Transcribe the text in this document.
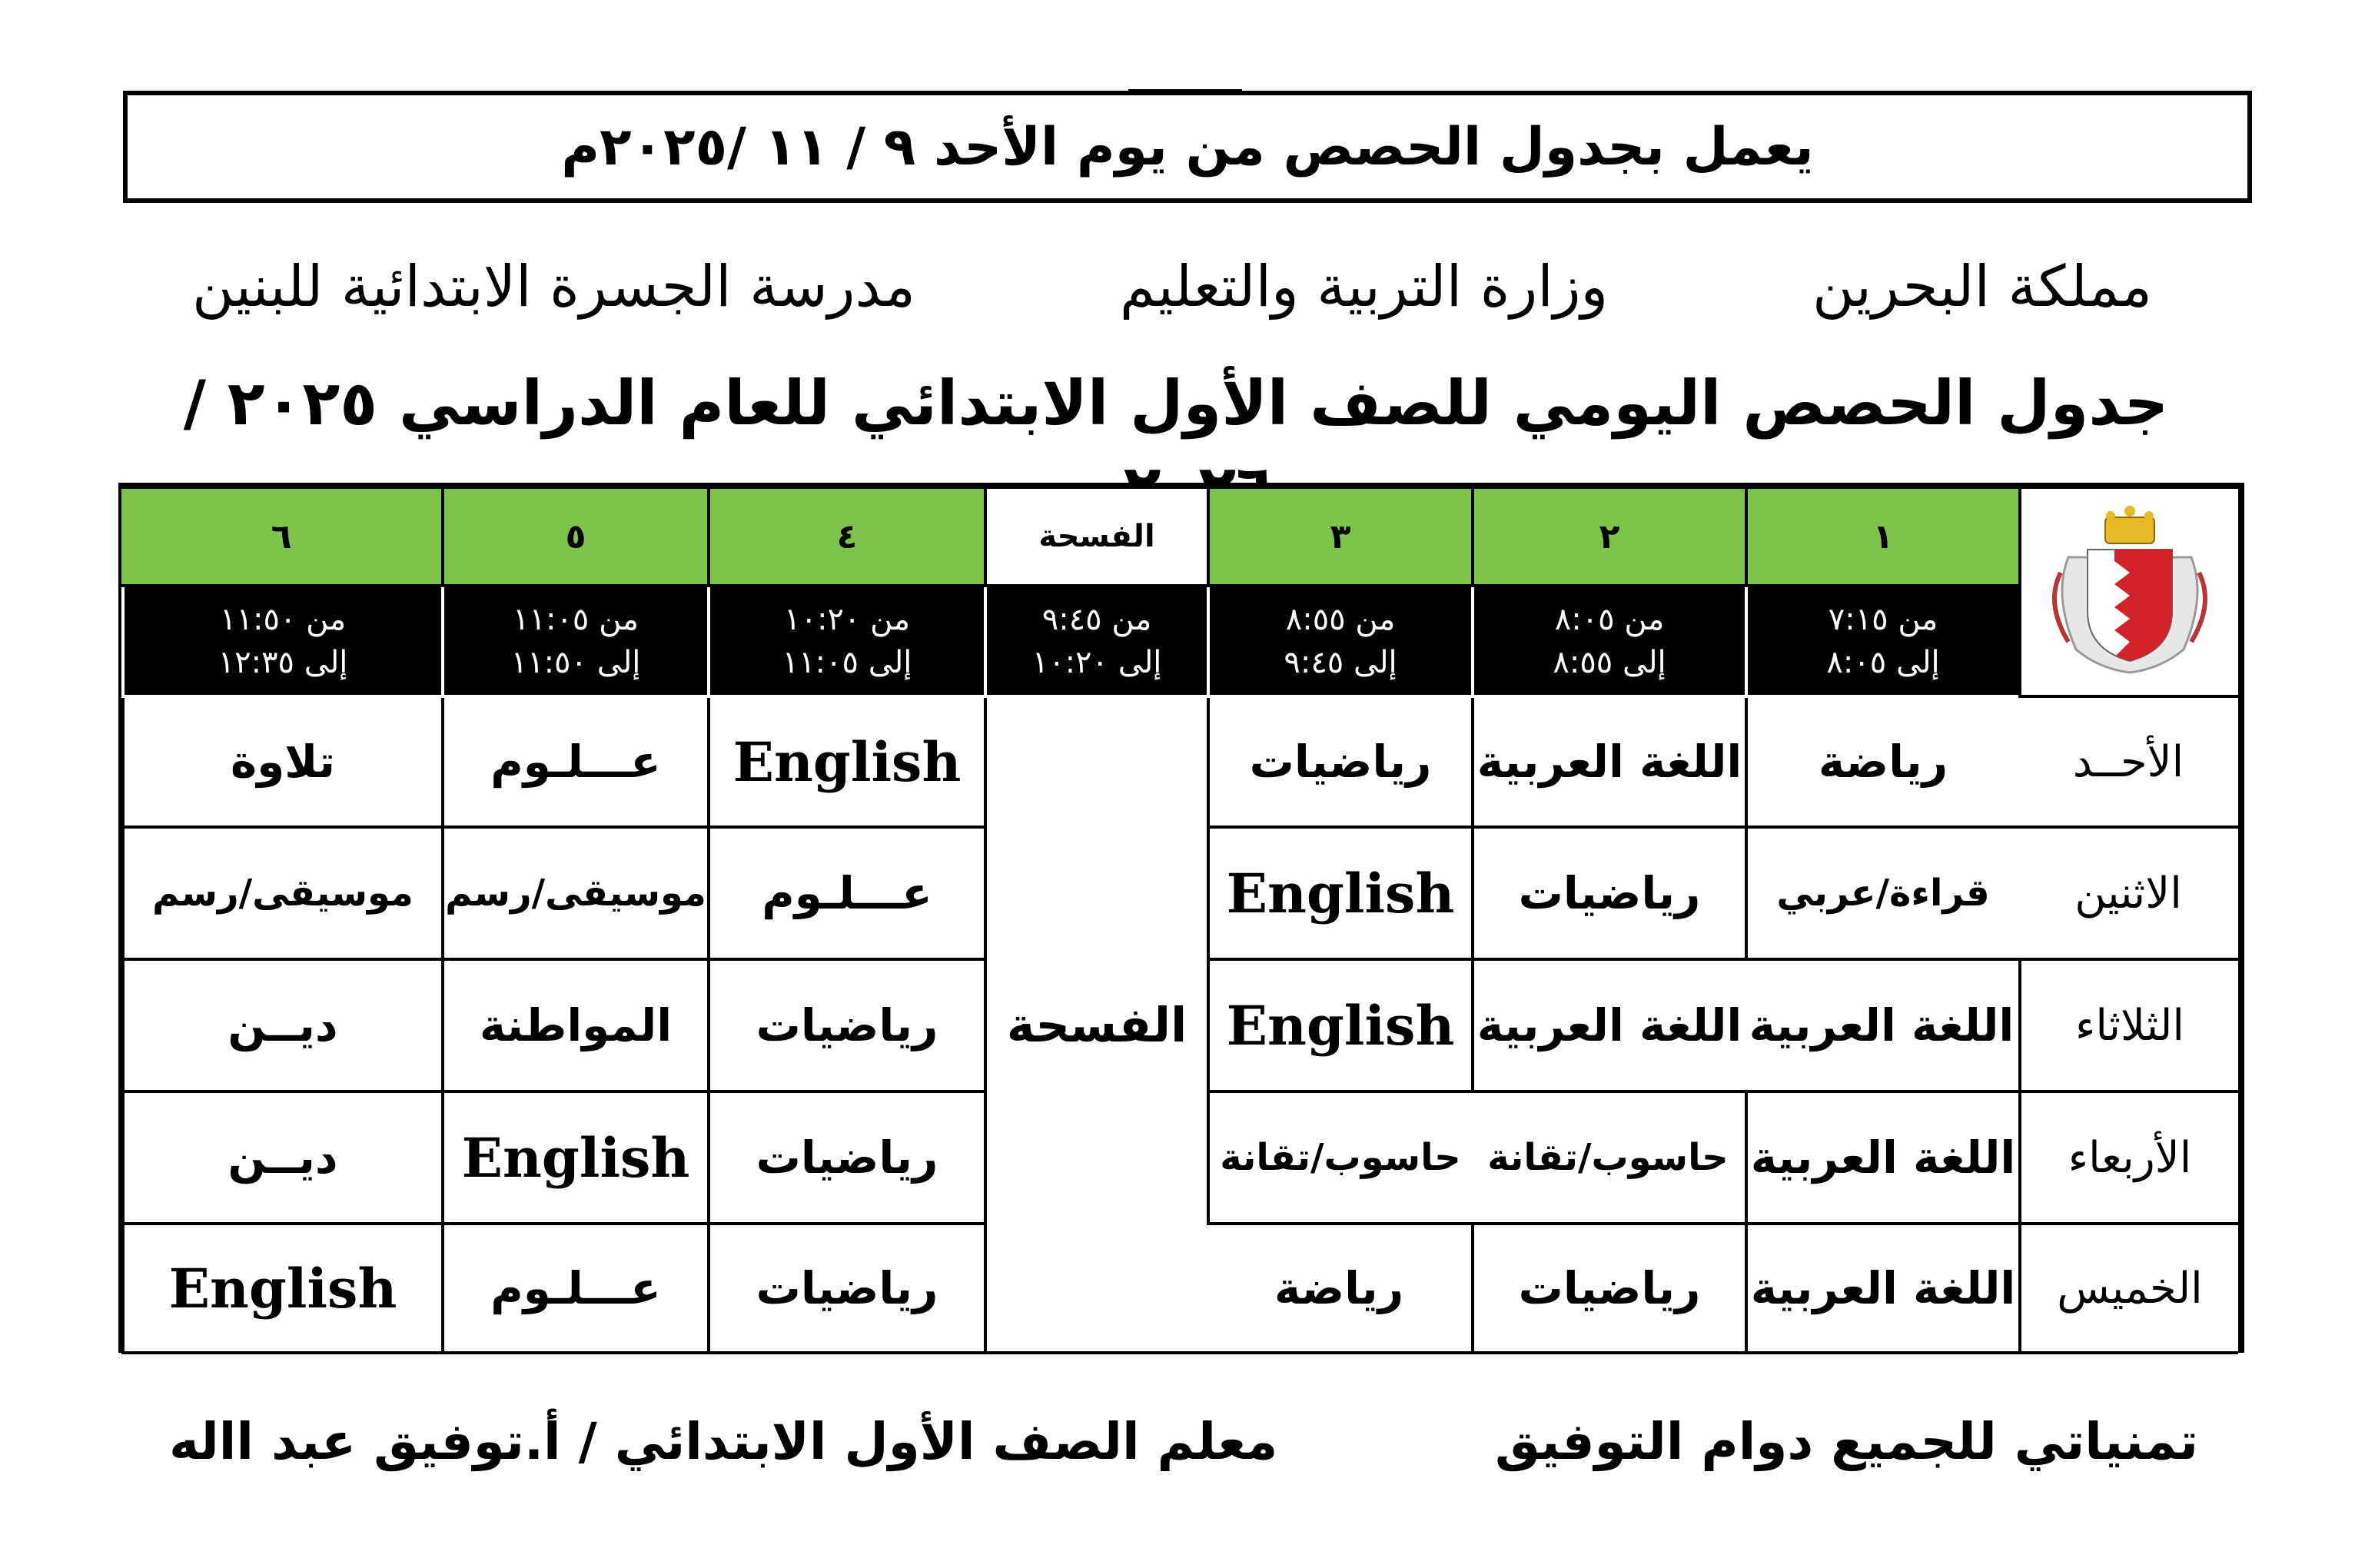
يعمل بجدول الحصص من يوم الأحد ٩ / ١١ /٢٠٢٥م
مملكة البحرين
وزارة التربية والتعليم
مدرسة الجسرة الابتدائية للبنين
جدول الحصص اليومي للصف الأول الابتدائي للعام الدراسي ٢٠٢٥ /
١
٢
٣
الفسحة
٤
٥
٦
من ٧:١٥
إلى ٨:٠٥
من ٨:٠٥
إلى ٨:٥٥
من ٨:٥٥
إلى ٩:٤٥
من ٩:٤٥
إلى ١٠:٢٠
من ١٠:٢٠
إلى ١١:٠٥
من ١١:٠٥
إلى ١١:٥٠
من ١١:٥٠
إلى ١٢:٣٥
الأحــد
رياضة
اللغة العربية
رياضيات
الفسحة
English
عـــلـوم
تلاوة
الاثنين
قراءة/عربي
رياضيات
English
عـــلـوم
موسيقى/رسم
موسيقى/رسم
الثلاثاء
اللغة العربية
اللغة العربية
English
رياضيات
المواطنة
ديــن
الأربعاء
اللغة العربية
حاسوب/تقانة
حاسوب/تقانة
رياضيات
English
ديــن
الخميس
اللغة العربية
رياضيات
رياضة
رياضيات
عـــلـوم
English
تمنياتي للجميع دوام التوفيق
معلم الصف الأول الابتدائي / أ.توفيق عبد االه
